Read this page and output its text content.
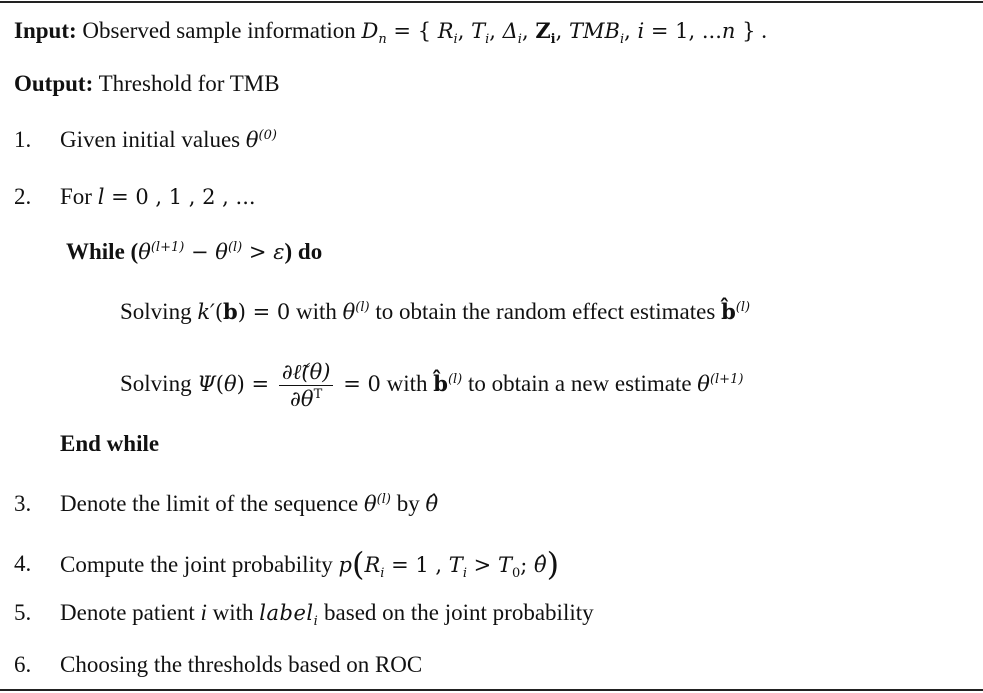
Input: Observed sample information $D_n$ = { $R_i$, $T_i$, $\Delta_i$, $Z_i$, $TMB_i$, i = 1, ...n } .
Output: Threshold for TMB
1. Given initial values $\theta^{(0)}$
2. For l = 0 , 1 , 2 , ...
While $(\theta^{(l+1)} - \theta^{(l)} > \varepsilon)$ do
Solving k′(b) = 0 with $\theta^{(l)}$ to obtain the random effect estimates b̂$^{(l)}$
Solving $\Psi(\theta) = \frac{\text{∂ℓ̃(θ)}}{\partial\theta^T} = 0$ with b̂$^{(l)}$ to obtain a new estimate $\theta^{(l+1)}$
End while
3. Denote the limit of the sequence $\theta^{(l)}$ by θ̂
4. Compute the joint probability $p(R_i = 1$ , $T_i > T_0$; θ̂)
5. Denote patient i with label$_i$ based on the joint probability
6. Choosing the thresholds based on ROC
